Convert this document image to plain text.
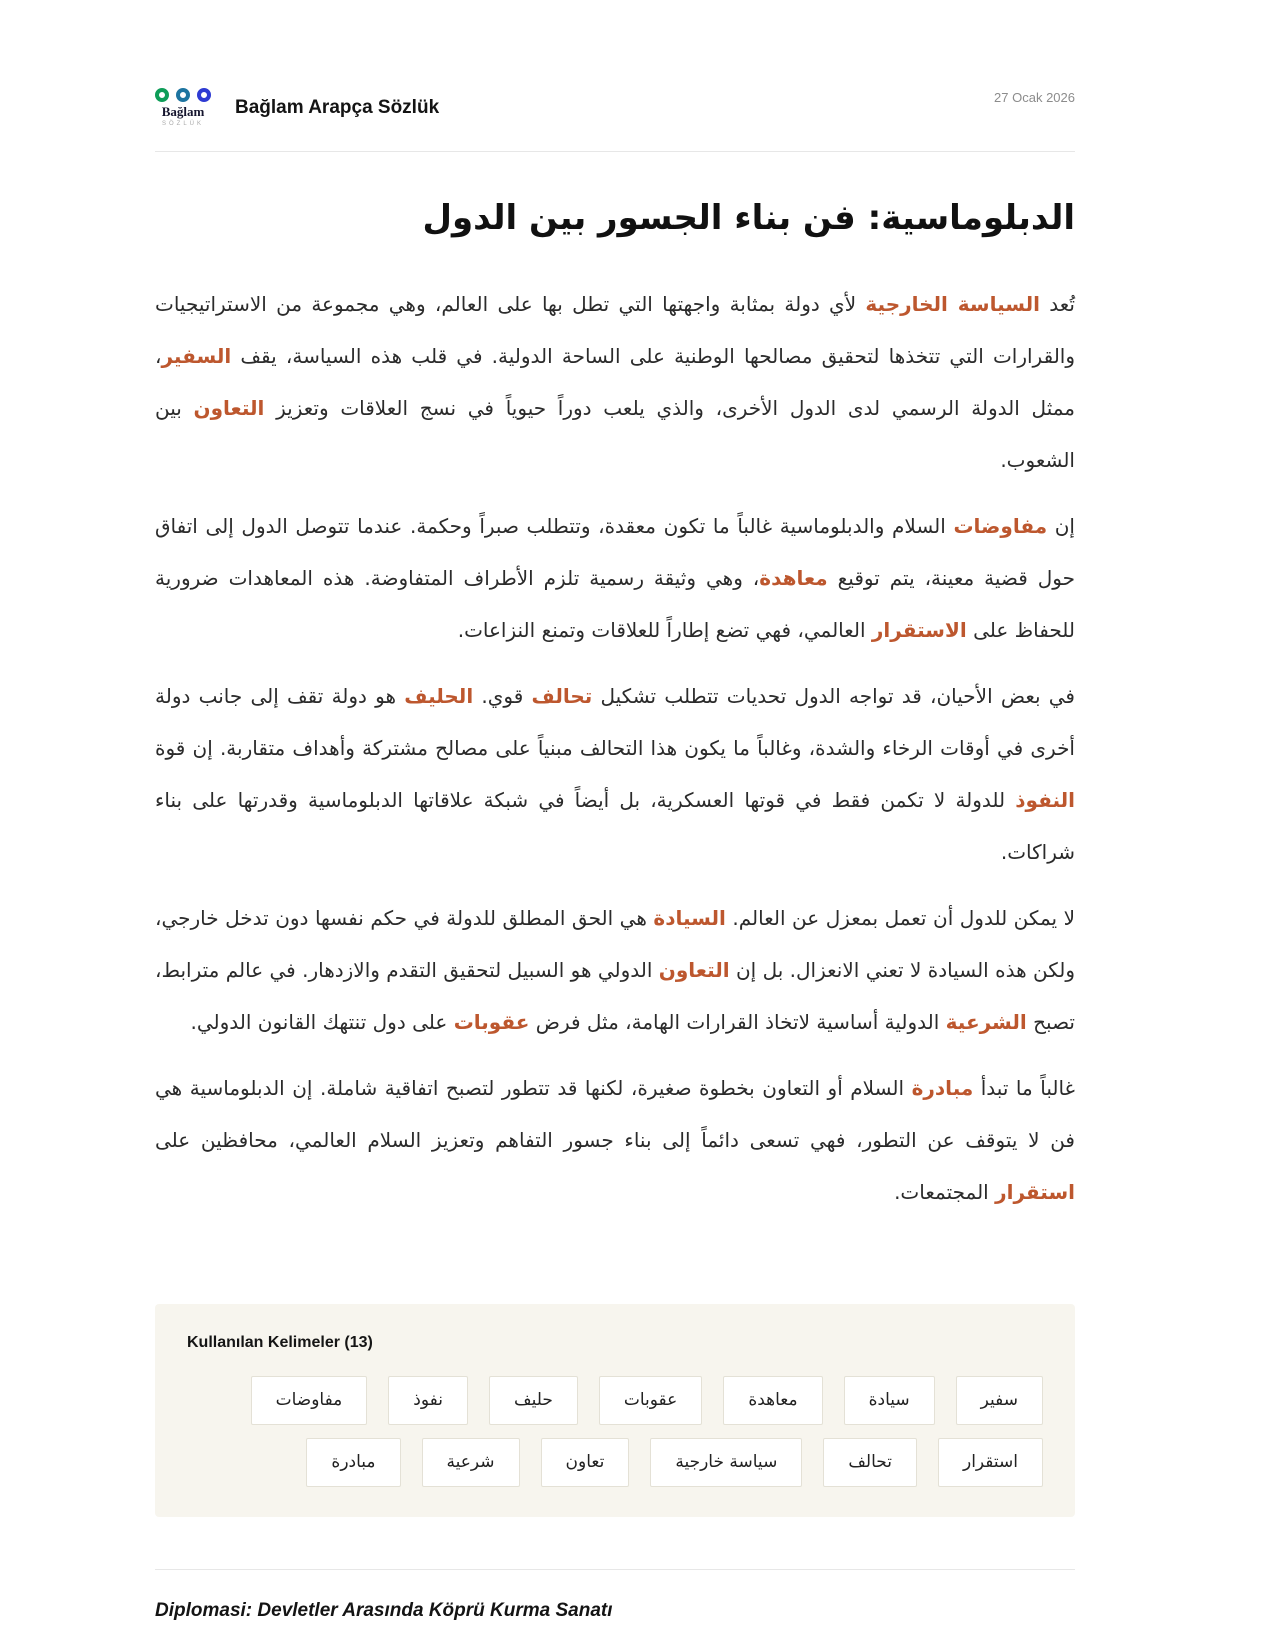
Bağlam
SÖZLÜK
Bağlam Arapça Sözlük	27 Ocak 2026
الدبلوماسية: فن بناء الجسور بين الدول

تُعد السياسة الخارجية لأي دولة بمثابة واجهتها التي تطل بها على العالم، وهي مجموعة من الاستراتيجيات والقرارات التي تتخذها لتحقيق مصالحها الوطنية على الساحة الدولية. في قلب هذه السياسة، يقف السفير، ممثل الدولة الرسمي لدى الدول الأخرى، والذي يلعب دوراً حيوياً في نسج العلاقات وتعزيز التعاون بين الشعوب.

إن مفاوضات السلام والدبلوماسية غالباً ما تكون معقدة، وتتطلب صبراً وحكمة. عندما تتوصل الدول إلى اتفاق حول قضية معينة، يتم توقيع معاهدة، وهي وثيقة رسمية تلزم الأطراف المتفاوضة. هذه المعاهدات ضرورية للحفاظ على الاستقرار العالمي، فهي تضع إطاراً للعلاقات وتمنع النزاعات.

في بعض الأحيان، قد تواجه الدول تحديات تتطلب تشكيل تحالف قوي. الحليف هو دولة تقف إلى جانب دولة أخرى في أوقات الرخاء والشدة، وغالباً ما يكون هذا التحالف مبنياً على مصالح مشتركة وأهداف متقاربة. إن قوة النفوذ للدولة لا تكمن فقط في قوتها العسكرية، بل أيضاً في شبكة علاقاتها الدبلوماسية وقدرتها على بناء شراكات.

لا يمكن للدول أن تعمل بمعزل عن العالم. السيادة هي الحق المطلق للدولة في حكم نفسها دون تدخل خارجي، ولكن هذه السيادة لا تعني الانعزال. بل إن التعاون الدولي هو السبيل لتحقيق التقدم والازدهار. في عالم مترابط، تصبح الشرعية الدولية أساسية لاتخاذ القرارات الهامة، مثل فرض عقوبات على دول تنتهك القانون الدولي.

غالباً ما تبدأ مبادرة السلام أو التعاون بخطوة صغيرة، لكنها قد تتطور لتصبح اتفاقية شاملة. إن الدبلوماسية هي فن لا يتوقف عن التطور، فهي تسعى دائماً إلى بناء جسور التفاهم وتعزيز السلام العالمي، محافظين على استقرار المجتمعات.

Kullanılan Kelimeler (13)
سفير
سيادة
معاهدة
عقوبات
حليف
نفوذ
مفاوضات
استقرار
تحالف
سياسة خارجية
تعاون
شرعية
مبادرة
Diplomasi: Devletler Arasında Köprü Kurma Sanatı
